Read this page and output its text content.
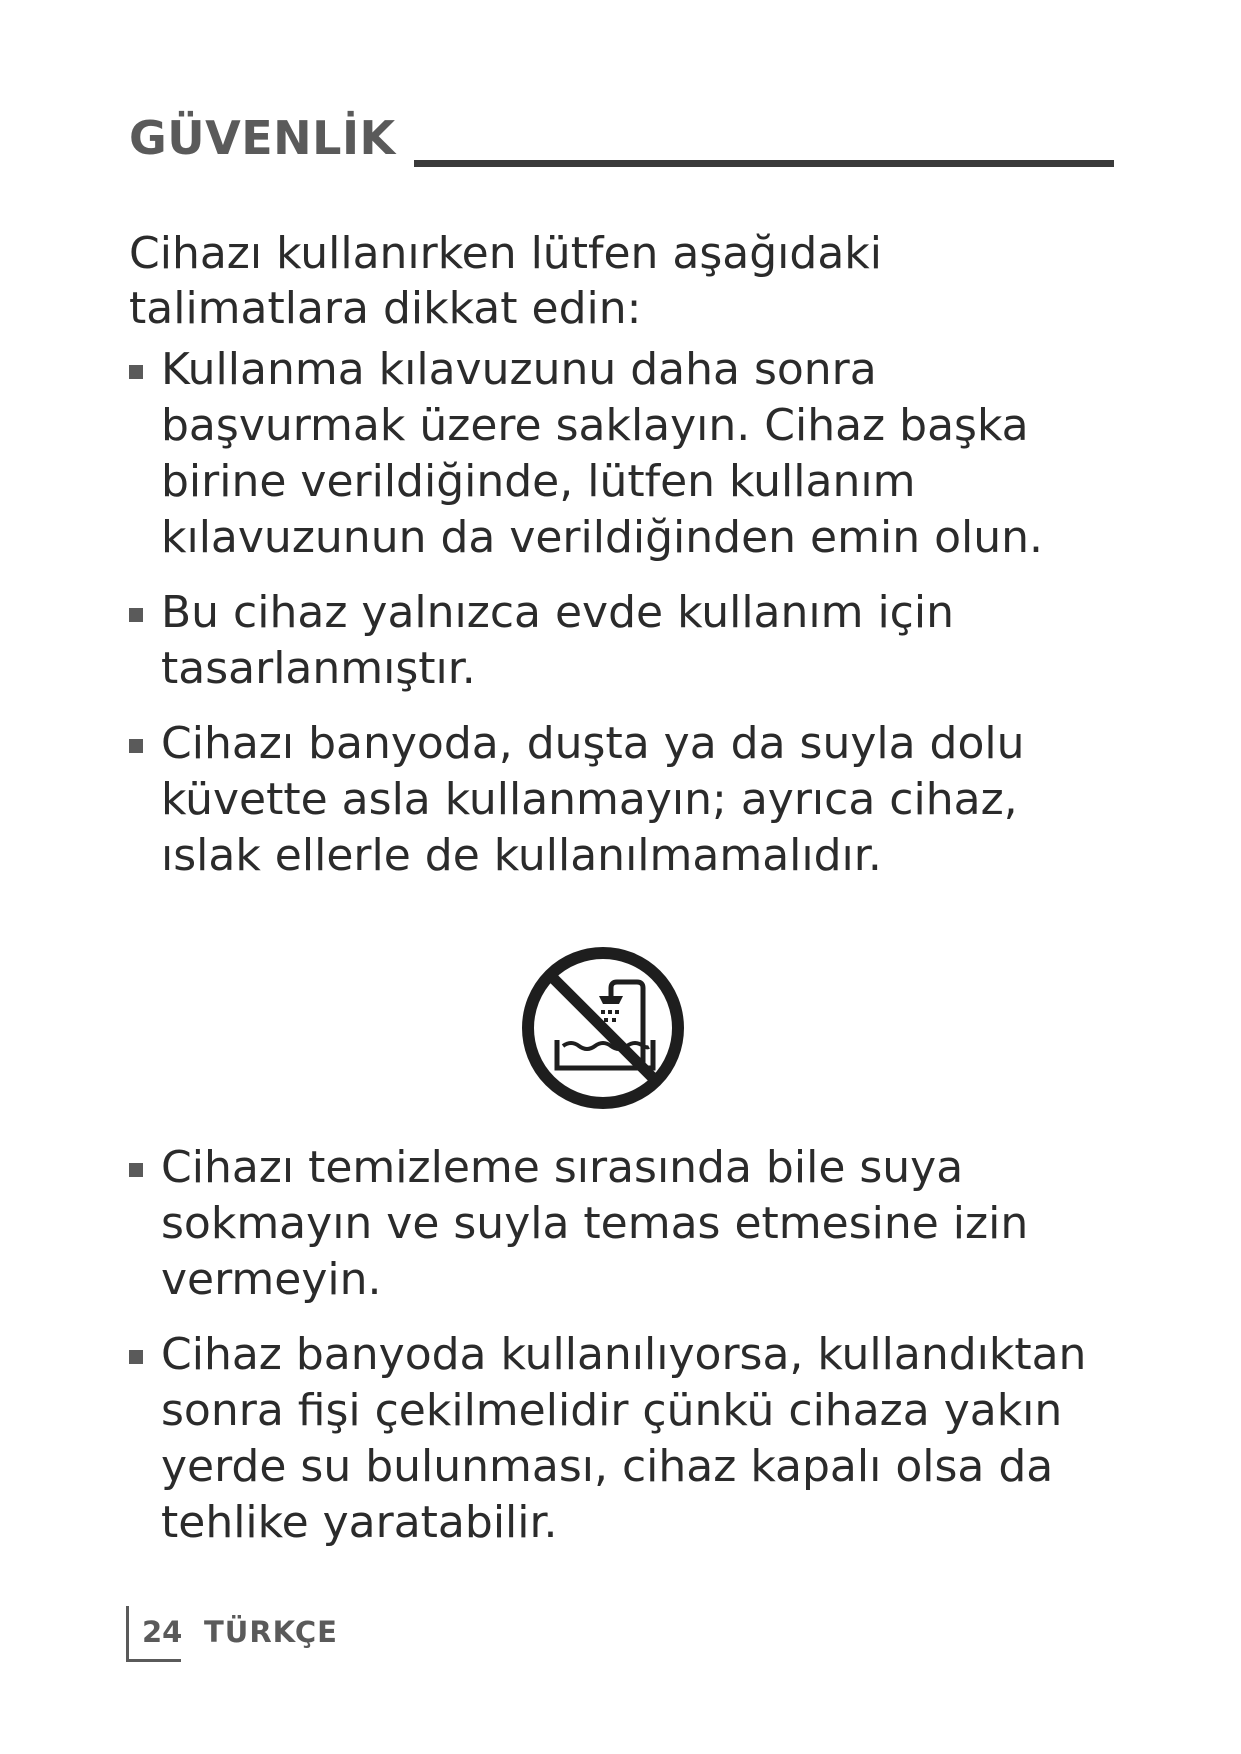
GÜVENLİK

Cihazı kullanırken lütfen aşağıdaki talimatlara dikkat edin:

Kullanma kılavuzunu daha sonra başvurmak üzere saklayın. Cihaz başka birine verildiğinde, lütfen kullanım kılavuzunun da verildiğinden emin olun.
Bu cihaz yalnızca evde kullanım için tasarlanmıştır.
Cihazı banyoda, duşta ya da suyla dolu küvette asla kullanmayın; ayrıca cihaz, ıslak ellerle de kullanılmamalıdır.
Cihazı temizleme sırasında bile suya sokmayın ve suyla temas etmesine izin vermeyin.
Cihaz banyoda kullanılıyorsa, kullandıktan sonra fişi çekilmelidir çünkü cihaza yakın yerde su bulunması, cihaz kapalı olsa da tehlike yaratabilir.
24 TÜRKÇE
